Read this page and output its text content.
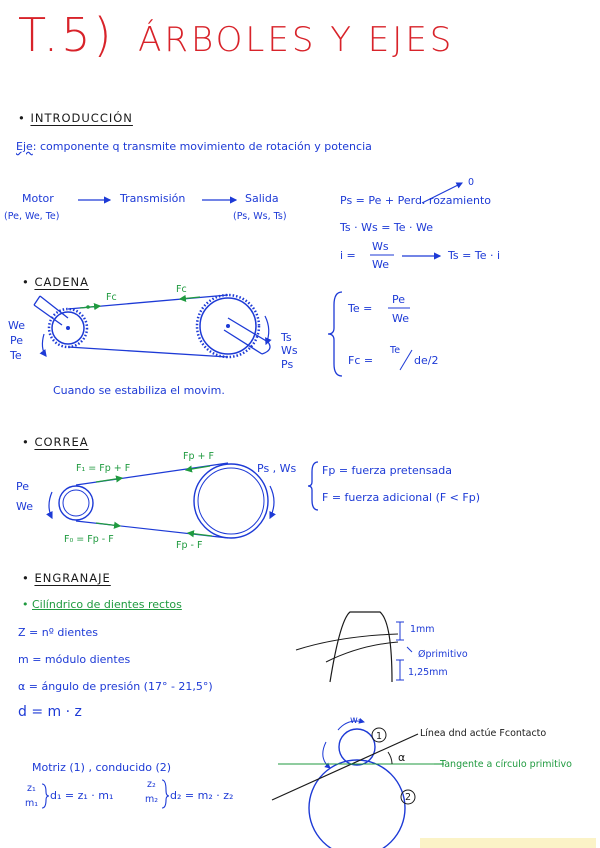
T.5) ÁRBOLES Y EJES
• INTRODUCCIÓN
Eje: componente q transmite movimiento de rotación y potencia
Motor
(Pe, We, Te)
Transmisión	Salida
(Ps, Ws, Ts)
Ps = Pe + Perd. rozamiento
0
Ts · Ws = Te · We
i =
Ws
We
Ts = Te · i
• CADENA
Fc
Fc
We
Pe
Te
Ts
Ws
Ps
Te =
Pe
We
Fc =
Te
de/2
Cuando se estabiliza el movim.
• CORREA
F₁ = Fp + F
Fp + F
F₀ = Fp - F
Fp - F
Pe
We
Ps , Ws Fp = fuerza pretensada
F = fuerza adicional (F < Fp)
• ENGRANAJE
• Cilíndrico de dientes rectos
Z = nº dientes
m = módulo dientes
α = ángulo de presión (17° - 21,5°)
d = m · z
1mm
Øprimitivo
1,25mm
Motriz (1) , conducido (2)
z₁
m₁
d₁ = z₁ · m₁
z₂
m₂ d₂ = m₂ · z₂
w₁
Línea dnd actúe Fcontacto
α
Tangente a círculo primitivo
1
2
